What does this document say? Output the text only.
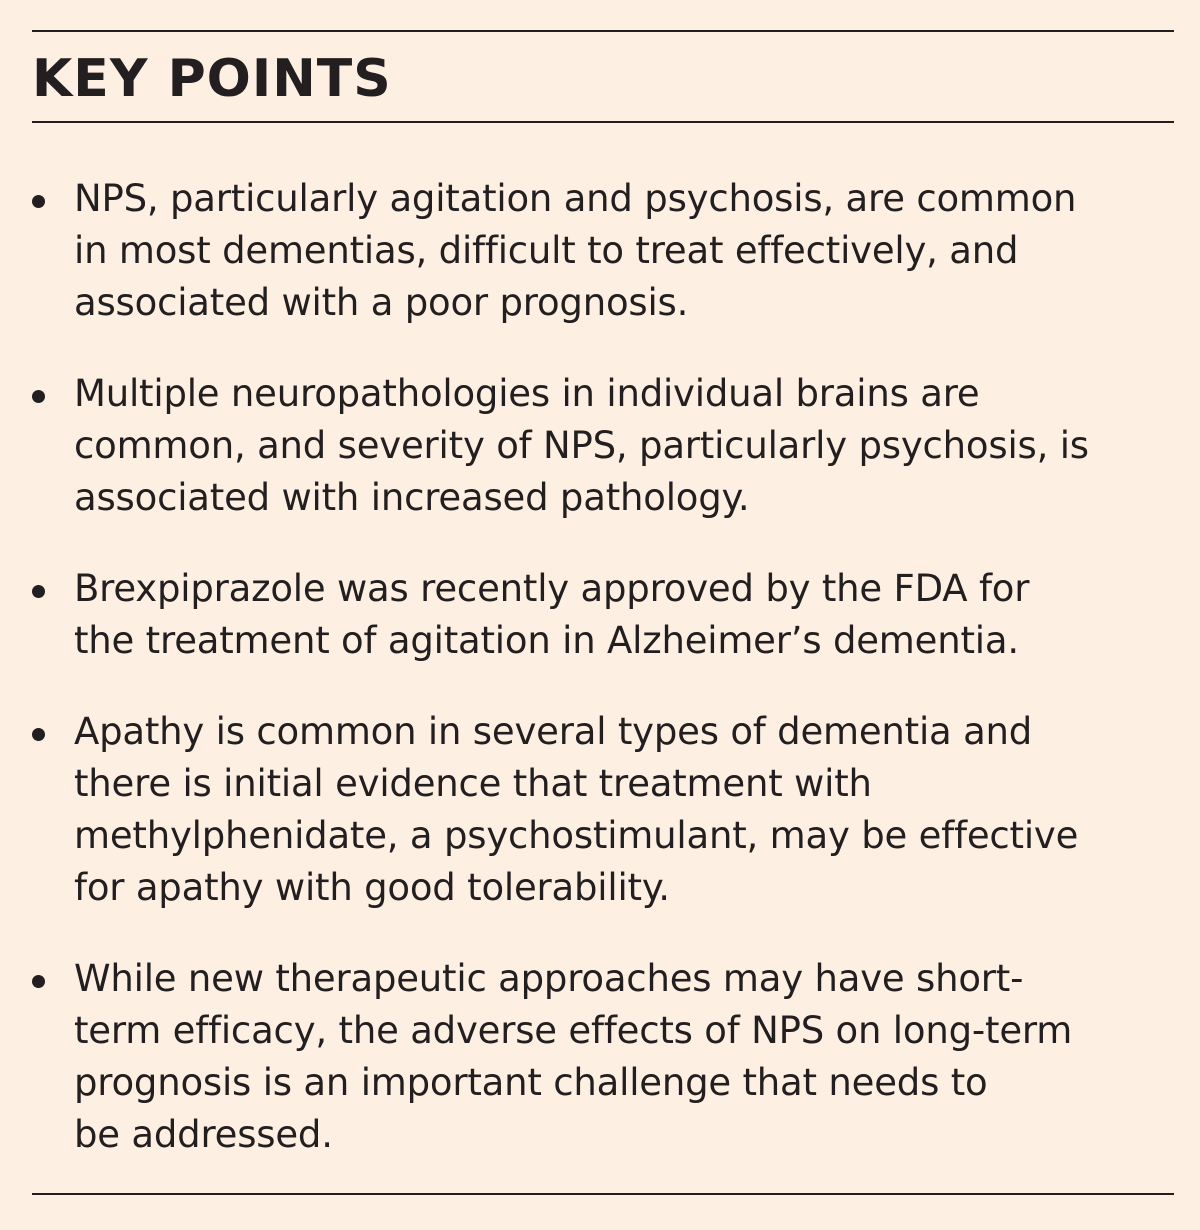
KEY POINTS
NPS, particularly agitation and psychosis, are common
in most dementias, difficult to treat effectively, and
associated with a poor prognosis.
Multiple neuropathologies in individual brains are
common, and severity of NPS, particularly psychosis, is
associated with increased pathology.
Brexpiprazole was recently approved by the FDA for
the treatment of agitation in Alzheimer’s dementia.
Apathy is common in several types of dementia and
there is initial evidence that treatment with
methylphenidate, a psychostimulant, may be effective
for apathy with good tolerability.
While new therapeutic approaches may have short-
term efficacy, the adverse effects of NPS on long-term
prognosis is an important challenge that needs to
be addressed.
